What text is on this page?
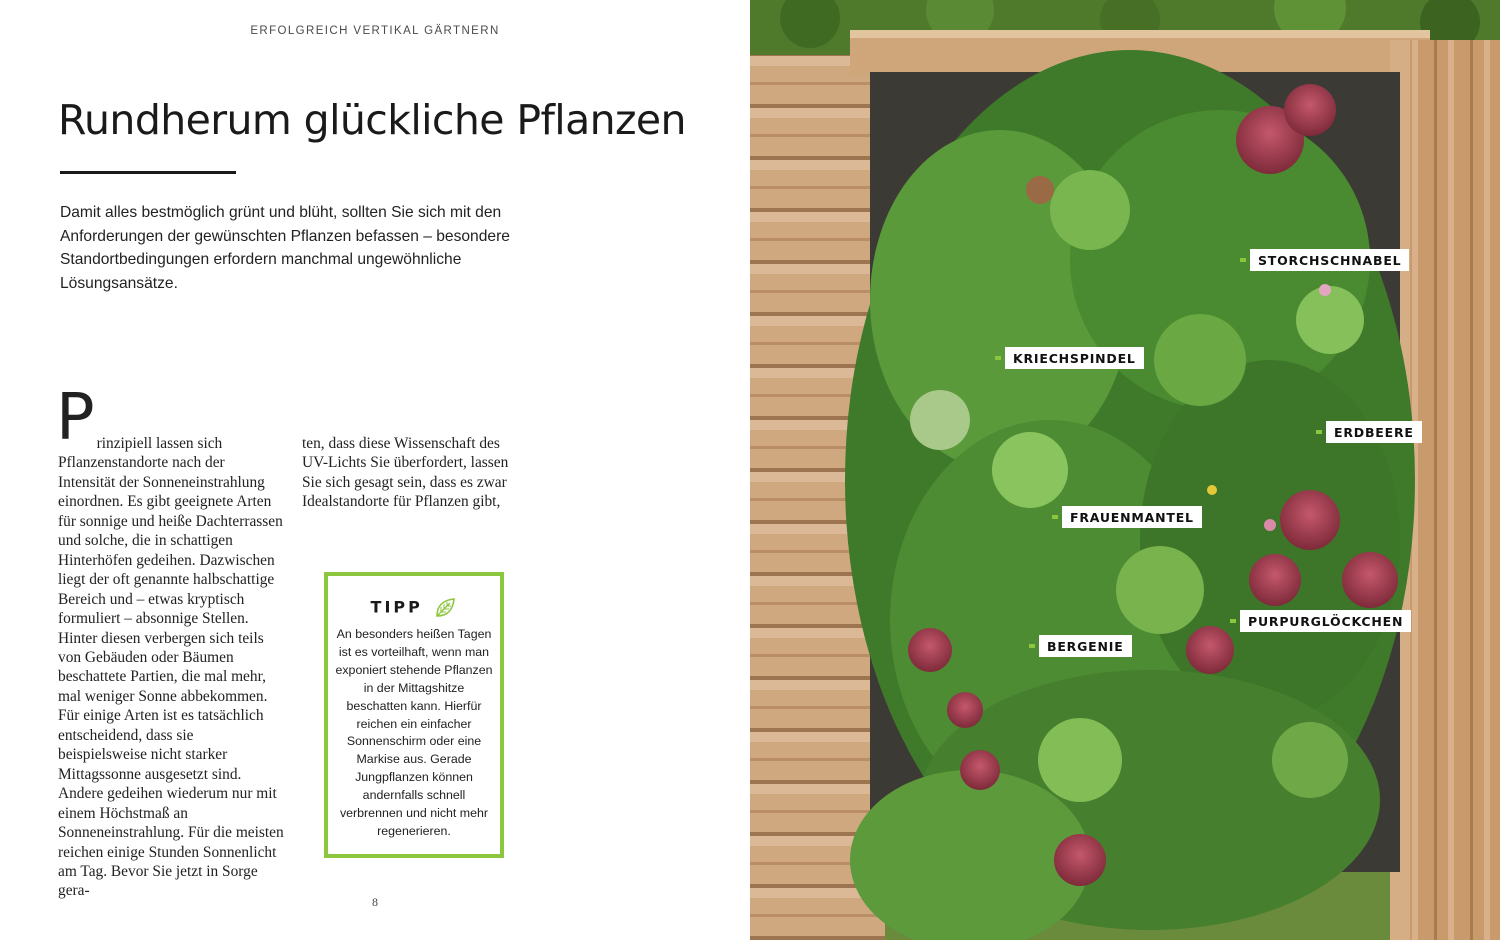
ERFOLGREICH VERTIKAL GÄRTNERN
Rundherum glückliche Pflanzen

Damit alles bestmöglich grünt und blüht, sollten Sie sich mit den Anforderungen der gewünschten Pflanzen befassen – besondere Standortbedingungen erfordern manchmal ungewöhnliche Lösungsansätze.

P rinzipiell lassen sich Pflanzenstandorte nach der Intensität der Sonneneinstrahlung einordnen. Es gibt geeignete Arten für sonnige und heiße Dachterrassen und solche, die in schattigen Hinterhöfen gedeihen. Dazwischen liegt der oft genannte halbschattige Bereich und – etwas kryptisch formuliert – absonnige Stellen. Hinter diesen verbergen sich teils von Gebäuden oder Bäumen beschattete Partien, die mal mehr, mal weniger Sonne abbekommen. Für einige Arten ist es tatsächlich entscheidend, dass sie beispielsweise nicht starker Mittagssonne ausgesetzt sind. Andere gedeihen wiederum nur mit einem Höchstmaß an Sonneneinstrahlung. Für die meisten reichen einige Stunden Sonnenlicht am Tag. Bevor Sie jetzt in Sorge gera-
ten, dass diese Wissenschaft des UV-Lichts Sie überfordert, lassen Sie sich gesagt sein, dass es zwar Idealstandorte für Pflanzen gibt,
TIPP
An besonders heißen Tagen ist es vorteilhaft, wenn man exponiert stehende Pflanzen in der Mittagshitze beschatten kann. Hierfür reichen ein einfacher Sonnenschirm oder eine Markise aus. Gerade Jungpflanzen können andernfalls schnell verbrennen und nicht mehr regenerieren.
8
STORCHSCHNABEL
KRIECHSPINDEL
ERDBEERE
FRAUENMANTEL
BERGENIE
PURPURGLÖCKCHEN
